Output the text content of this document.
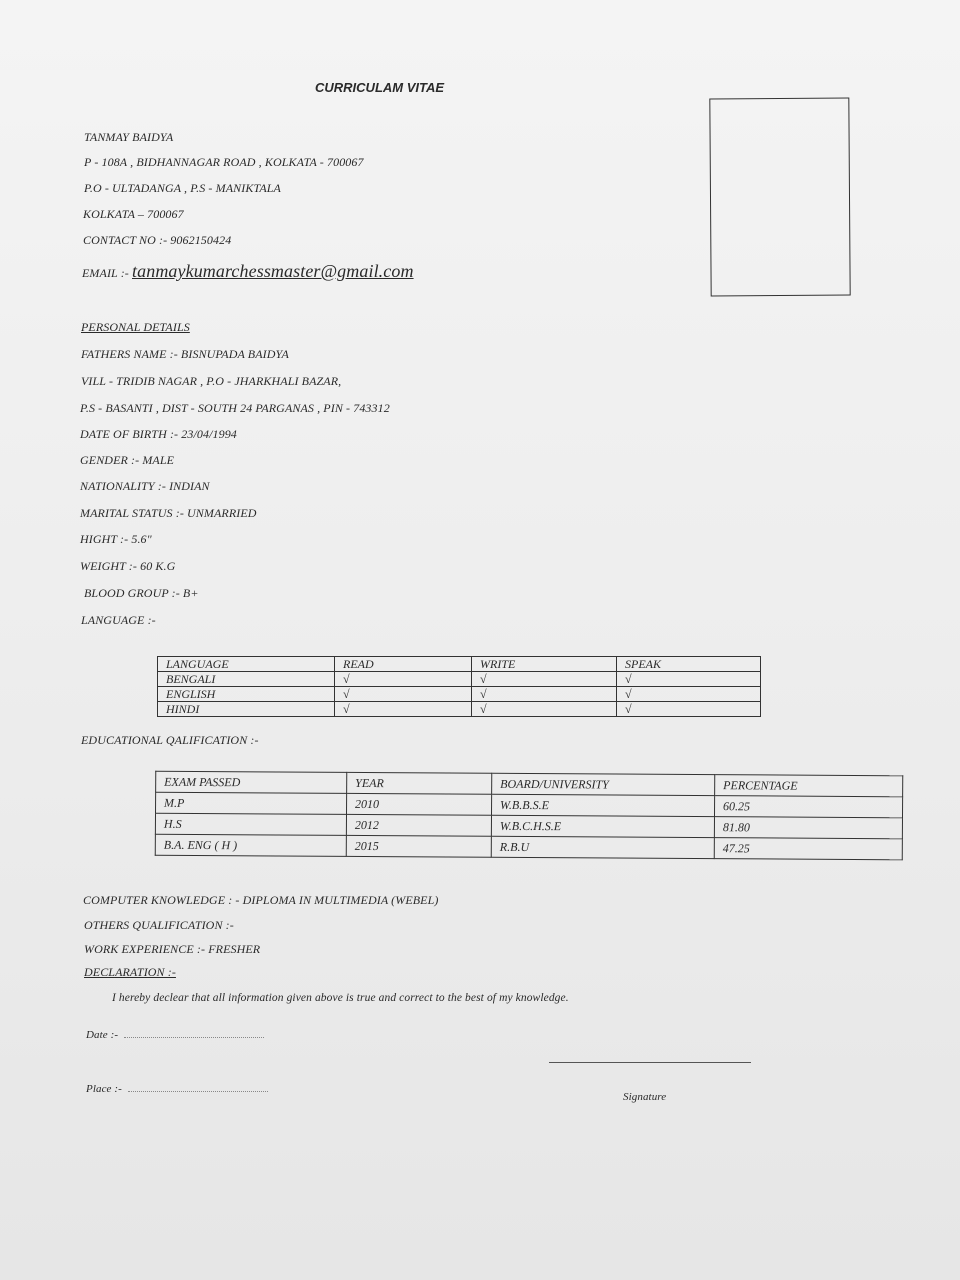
CURRICULAM VITAE
TANMAY BAIDYA
P - 108A , BIDHANNAGAR ROAD , KOLKATA - 700067
P.O - ULTADANGA , P.S - MANIKTALA
KOLKATA – 700067
CONTACT NO :- 9062150424
EMAIL :- tanmaykumarchessmaster@gmail.com
PERSONAL DETAILS
FATHERS NAME :- BISNUPADA BAIDYA
VILL - TRIDIB NAGAR , P.O - JHARKHALI BAZAR,
P.S - BASANTI , DIST - SOUTH 24 PARGANAS , PIN - 743312
DATE OF BIRTH :- 23/04/1994
GENDER :- MALE
NATIONALITY :- INDIAN
MARITAL STATUS :- UNMARRIED
HIGHT :- 5.6"
WEIGHT :- 60 K.G
BLOOD GROUP :- B+
LANGUAGE :-
LANGUAGE	READ	WRITE	SPEAK
BENGALI	√	√	√
ENGLISH	√	√	√
HINDI	√	√	√
EDUCATIONAL QALIFICATION :-
EXAM PASSED	YEAR	BOARD/UNIVERSITY	PERCENTAGE
M.P	2010	W.B.B.S.E	60.25
H.S	2012	W.B.C.H.S.E	81.80
B.A. ENG ( H )	2015	R.B.U	47.25
COMPUTER KNOWLEDGE : - DIPLOMA IN MULTIMEDIA (WEBEL)
OTHERS QUALIFICATION :-
WORK EXPERIENCE :- FRESHER
DECLARATION :-
I hereby declear that all information given above is true and correct to the best of my knowledge.
Date :-
Place :-
Signature
